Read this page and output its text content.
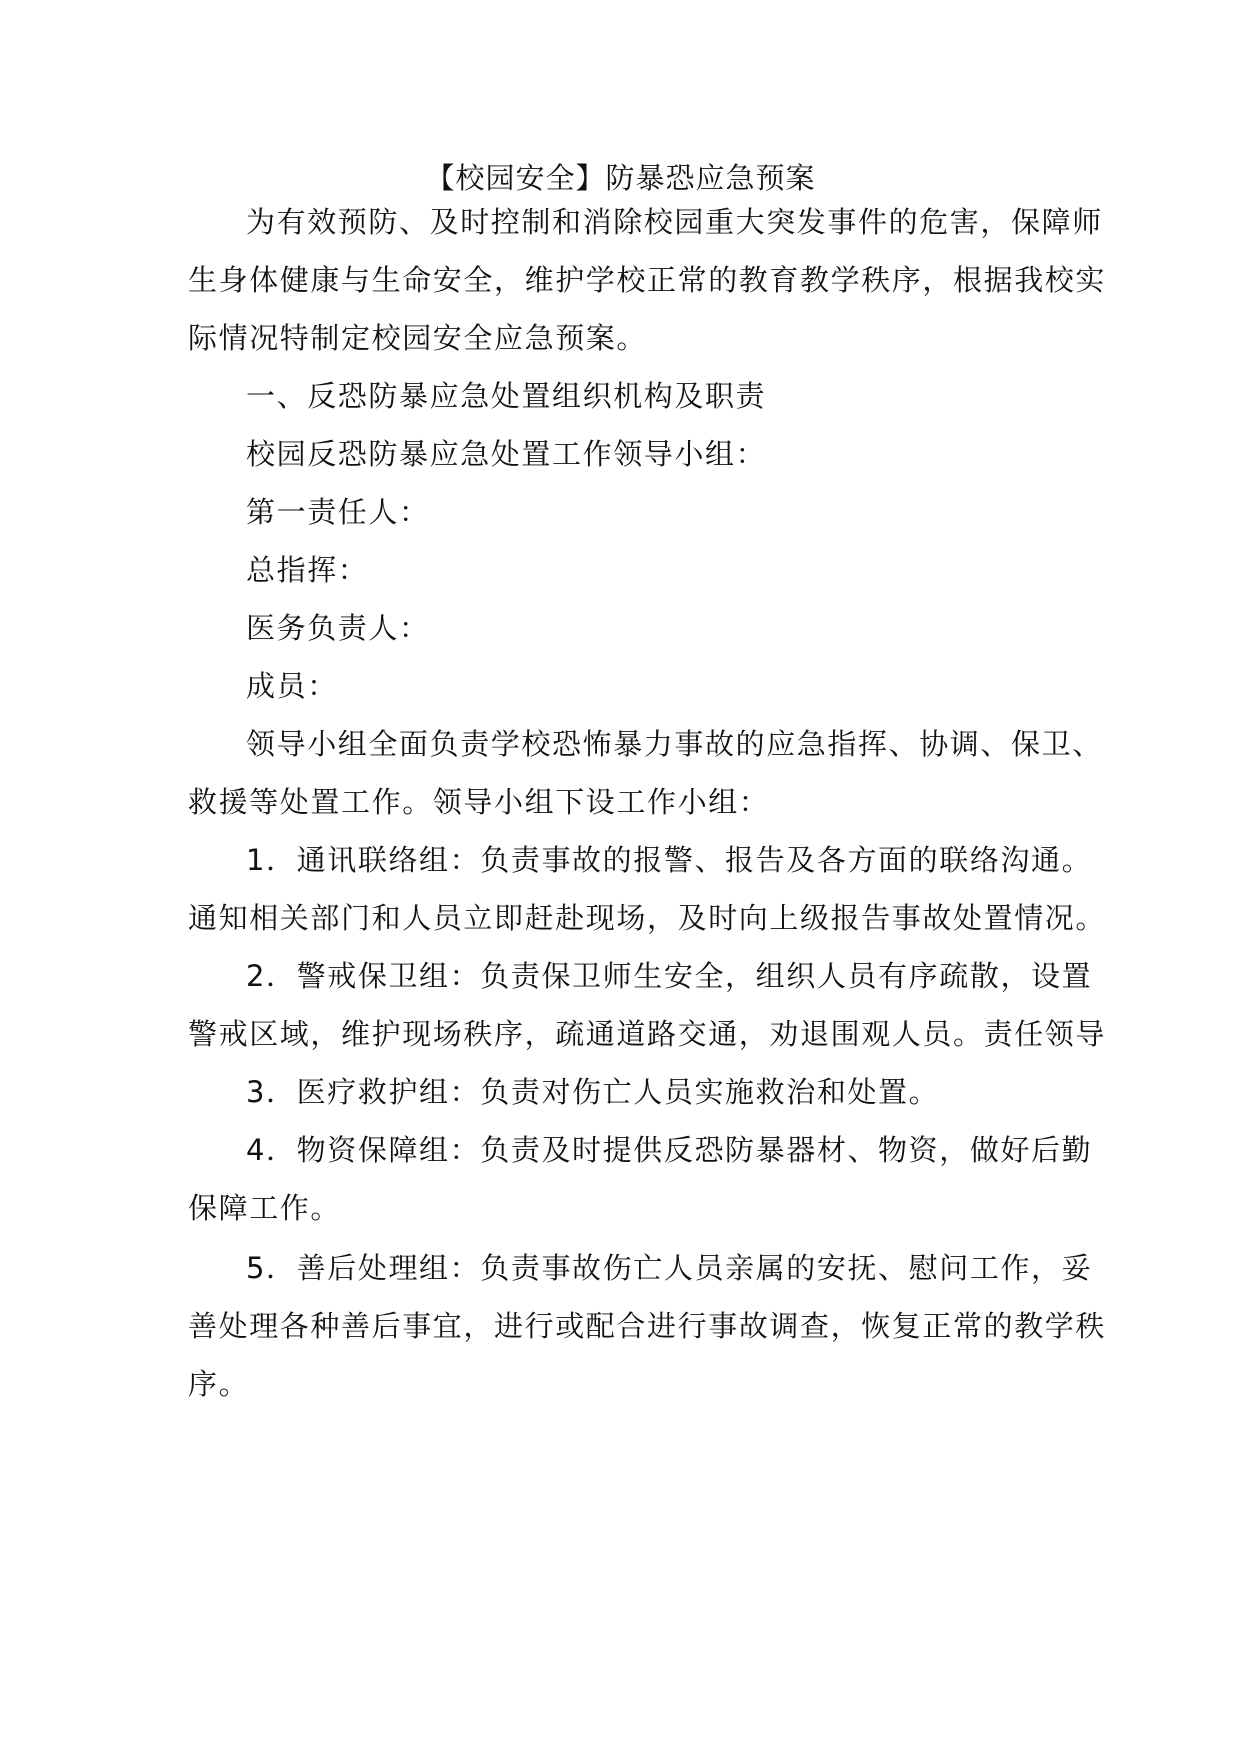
【校园安全】防暴恐应急预案
为有效预防、及时控制和消除校园重大突发事件的危害，保障师
生身体健康与生命安全，维护学校正常的教育教学秩序，根据我校实
际情况特制定校园安全应急预案。
一、反恐防暴应急处置组织机构及职责
校园反恐防暴应急处置工作领导小组：
第一责任人：
总指挥：
医务负责人：
成员：
领导小组全面负责学校恐怖暴力事故的应急指挥、协调、保卫、
救援等处置工作。领导小组下设工作小组：
1．通讯联络组：负责事故的报警、报告及各方面的联络沟通。
通知相关部门和人员立即赶赴现场，及时向上级报告事故处置情况。
2．警戒保卫组：负责保卫师生安全，组织人员有序疏散，设置
警戒区域，维护现场秩序，疏通道路交通，劝退围观人员。责任领导
3．医疗救护组：负责对伤亡人员实施救治和处置。
4．物资保障组：负责及时提供反恐防暴器材、物资，做好后勤
保障工作。
5．善后处理组：负责事故伤亡人员亲属的安抚、慰问工作，妥
善处理各种善后事宜，进行或配合进行事故调查，恢复正常的教学秩
序。
